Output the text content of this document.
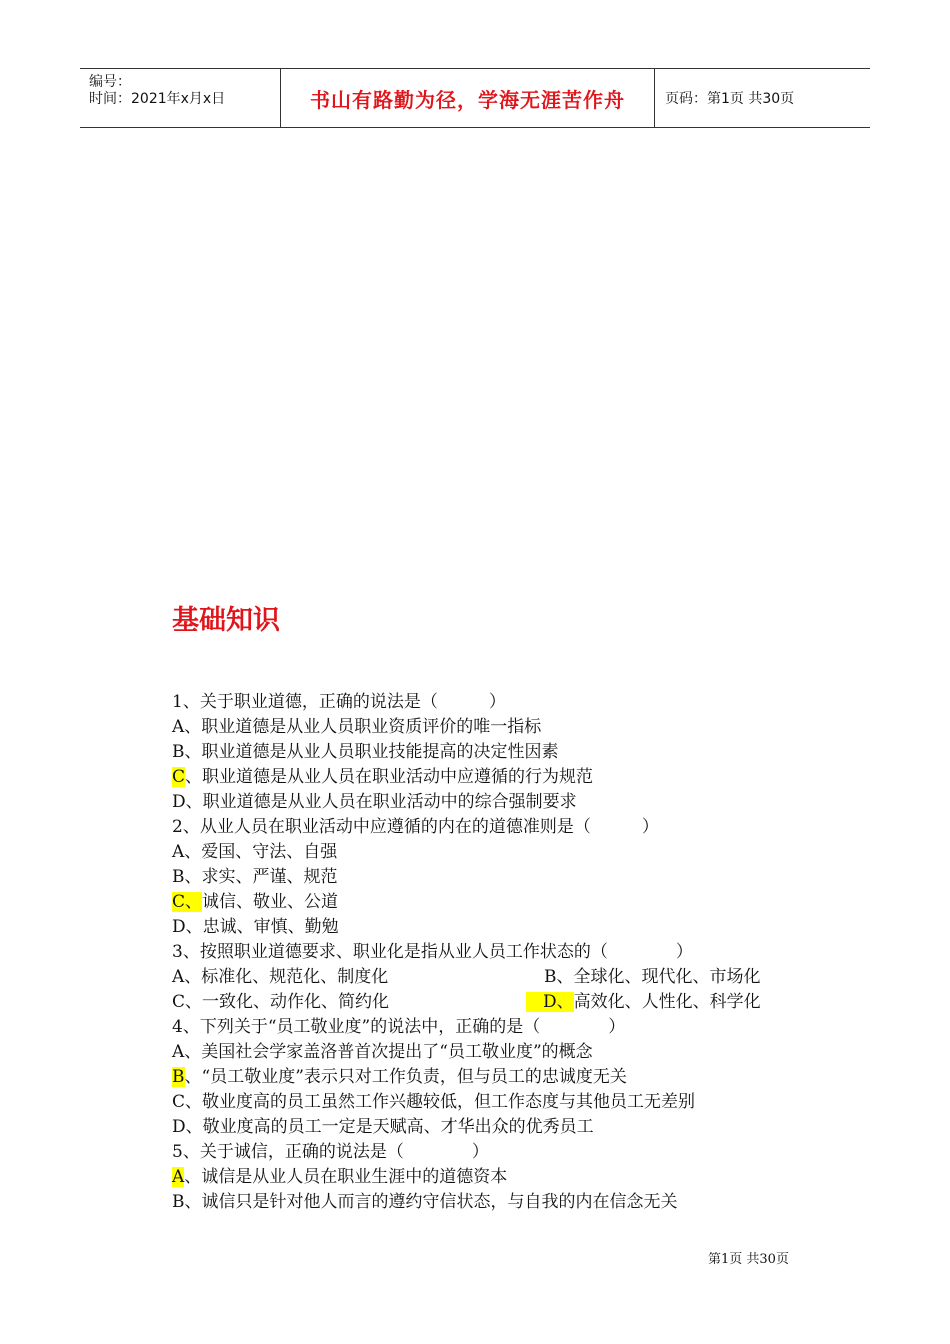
编号：
时间：2021年x月x日	书山有路勤为径，学海无涯苦作舟	页码：第1页 共30页
基础知识
1、关于职业道德，正确的说法是（　　　）
A、职业道德是从业人员职业资质评价的唯一指标
B、职业道德是从业人员职业技能提高的决定性因素
C、职业道德是从业人员在职业活动中应遵循的行为规范
D、职业道德是从业人员在职业活动中的综合强制要求
2、从业人员在职业活动中应遵循的内在的道德准则是（　　　）
A、爱国、守法、自强
B、求实、严谨、规范
C、诚信、敬业、公道
D、忠诚、审慎、勤勉
3、按照职业道德要求、职业化是指从业人员工作状态的（　　　　）
A、标准化、规范化、制度化	B、全球化、现代化、市场化
C、一致化、动作化、简约化	　D、高效化、人性化、科学化
4、下列关于“员工敬业度”的说法中，正确的是（　　　　）
A、美国社会学家盖洛普首次提出了“员工敬业度”的概念
B、“员工敬业度”表示只对工作负责，但与员工的忠诚度无关
C、敬业度高的员工虽然工作兴趣较低，但工作态度与其他员工无差别
D、敬业度高的员工一定是天赋高、才华出众的优秀员工
5、关于诚信，正确的说法是（　　　　）
A、诚信是从业人员在职业生涯中的道德资本
B、诚信只是针对他人而言的遵约守信状态，与自我的内在信念无关
第1页 共30页
